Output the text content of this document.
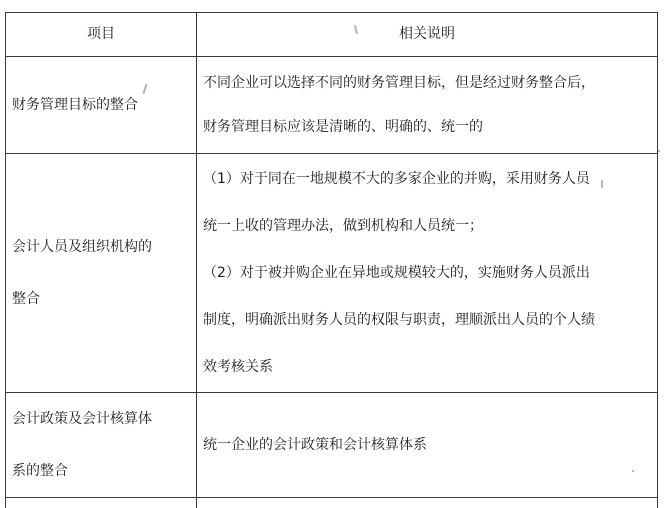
项目	相关说明

财务管理目标的整合	不同企业可以选择不同的财务管理目标，但是经过财务整合后，
财务管理目标应该是清晰的、明确的、统一的

会计人员及组织机构的
整合	（1）对于同在一地规模不大的多家企业的并购，采用财务人员
统一上收的管理办法，做到机构和人员统一；
（2）对于被并购企业在异地或规模较大的，实施财务人员派出
制度，明确派出财务人员的权限与职责，理顺派出人员的个人绩
效考核关系

会计政策及会计核算体
系的整合	统一企业的会计政策和会计核算体系
